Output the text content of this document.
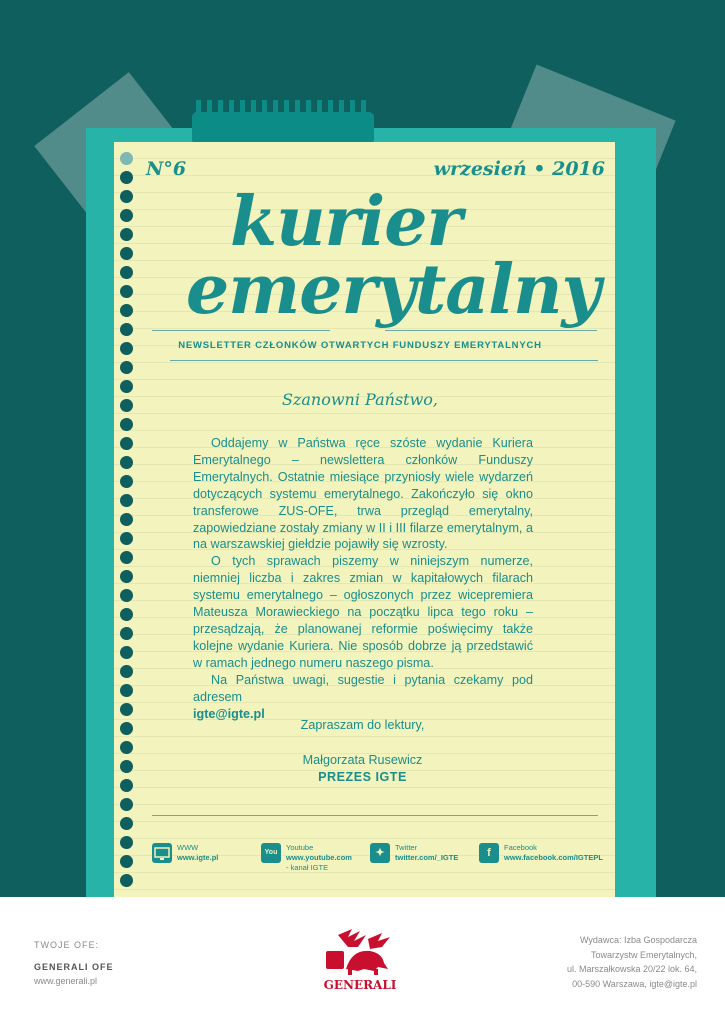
N°6	wrzesień • 2016
kurier
emerytalny
NEWSLETTER CZŁONKÓW OTWARTYCH FUNDUSZY EMERYTALNYCH
Szanowni Państwo,

Oddajemy w Państwa ręce szóste wydanie Kuriera Emerytalnego – newslettera członków Funduszy Emerytalnych. Ostatnie miesiące przyniosły wiele wydarzeń dotyczących systemu emerytalnego. Zakończyło się okno transferowe ZUS-OFE, trwa przegląd emerytalny, zapowiedziane zostały zmiany w II i III filarze emerytalnym, a na warszawskiej giełdzie pojawiły się wzrosty.

O tych sprawach piszemy w niniejszym numerze, niemniej liczba i zakres zmian w kapitałowych filarach systemu emerytalnego – ogłoszonych przez wicepremiera Mateusza Morawieckiego na początku lipca tego roku – przesądzają, że planowanej reformie poświęcimy także kolejne wydanie Kuriera. Nie sposób dobrze ją przedstawić w ramach jednego numeru naszego pisma.

Na Państwa uwagi, sugestie i pytania czekamy pod adresem
igte@igte.pl

Zapraszam do lektury,
Małgorzata Rusewicz
PREZES IGTE
WWW
www.igte.pl
You
Youtube
www.youtube.com
- kanał IGTE
✦	Twitter
twitter.com/_IGTE	f	Facebook
www.facebook.com/IGTEPL
TWOJE OFE:
GENERALI OFE
www.generali.pl	GENERALI
Wydawca: Izba Gospodarcza
Towarzystw Emerytalnych,
ul. Marszałkowska 20/22 lok. 64,
00-590 Warszawa, igte@igte.pl
